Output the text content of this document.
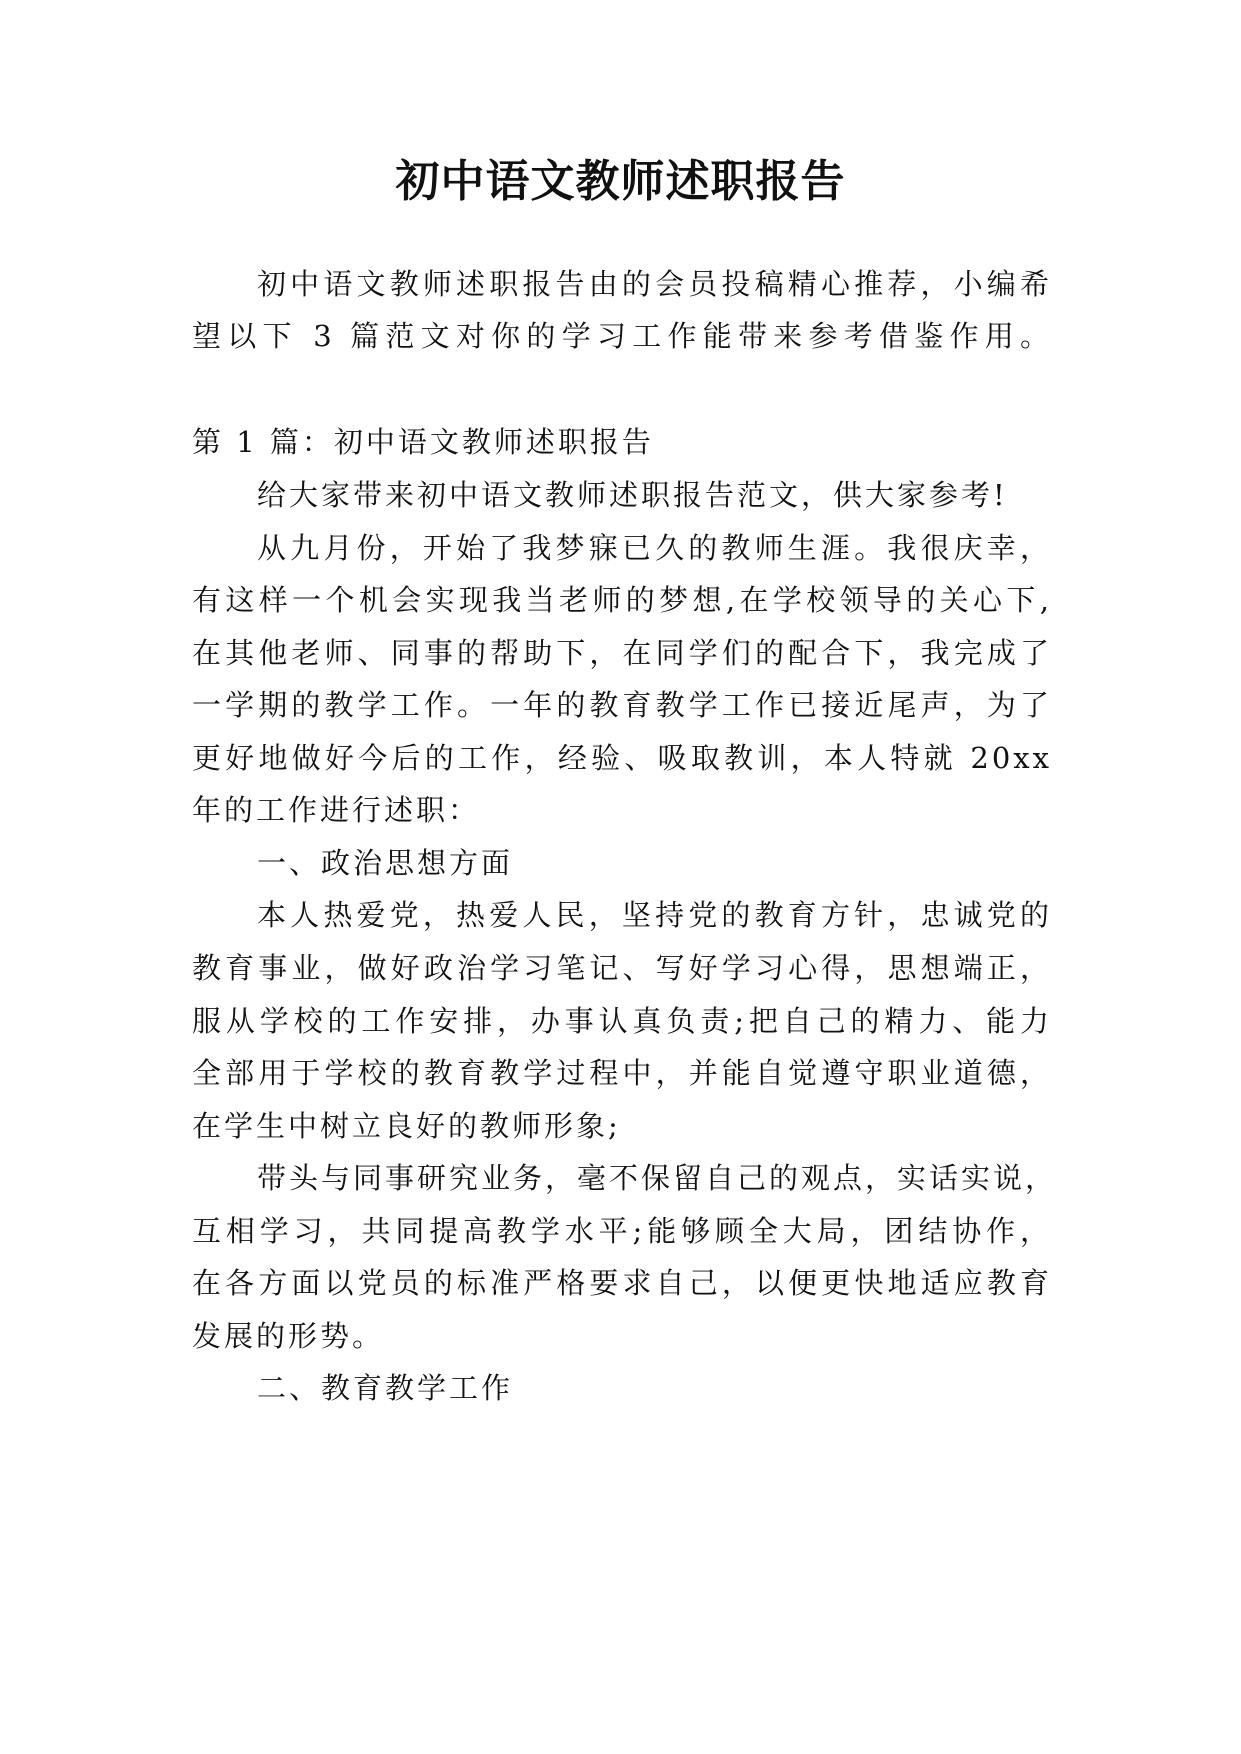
初中语文教师述职报告
初中语文教师述职报告由的会员投稿精心推荐，小编希
望以下 3 篇范文对你的学习工作能带来参考借鉴作用。
第 1 篇：初中语文教师述职报告
给大家带来初中语文教师述职报告范文，供大家参考!
从九月份，开始了我梦寐已久的教师生涯。我很庆幸，
有这样一个机会实现我当老师的梦想,在学校领导的关心下,
在其他老师、同事的帮助下，在同学们的配合下，我完成了
一学期的教学工作。一年的教育教学工作已接近尾声，为了
更好地做好今后的工作，经验、吸取教训，本人特就 20xx
年的工作进行述职：
一、政治思想方面
本人热爱党，热爱人民，坚持党的教育方针，忠诚党的
教育事业，做好政治学习笔记、写好学习心得，思想端正，
服从学校的工作安排，办事认真负责;把自己的精力、能力
全部用于学校的教育教学过程中，并能自觉遵守职业道德，
在学生中树立良好的教师形象;
带头与同事研究业务，毫不保留自己的观点，实话实说，
互相学习，共同提高教学水平;能够顾全大局，团结协作，
在各方面以党员的标准严格要求自己，以便更快地适应教育
发展的形势。
二、教育教学工作
